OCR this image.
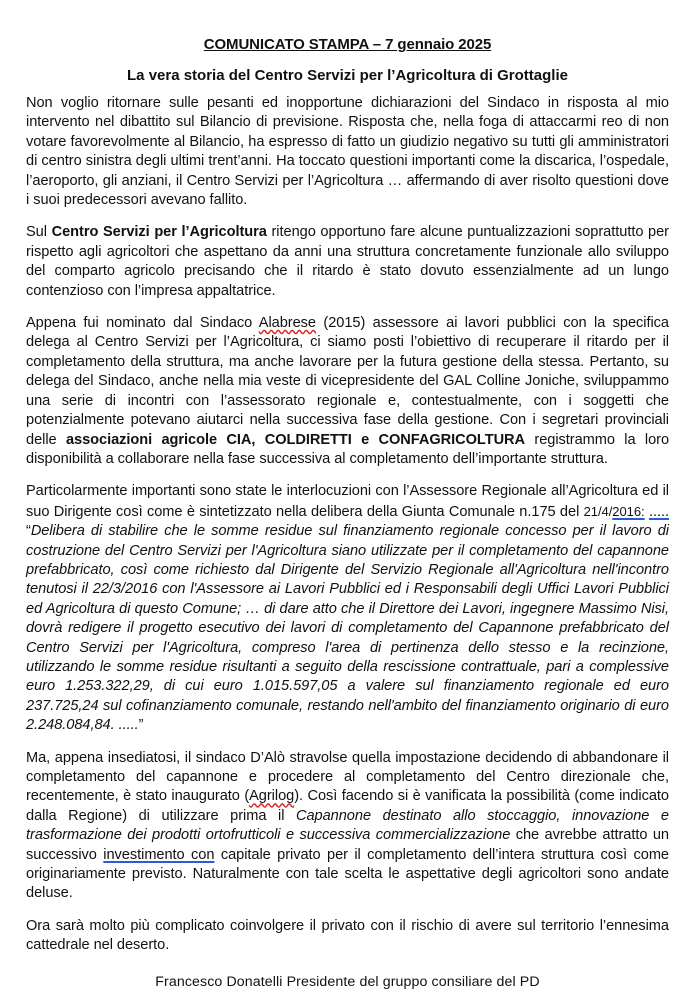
COMUNICATO STAMPA – 7 gennaio 2025
La vera storia del Centro Servizi per l’Agricoltura di Grottaglie

Non voglio ritornare sulle pesanti ed inopportune dichiarazioni del Sindaco in risposta al mio intervento nel dibattito sul Bilancio di previsione. Risposta che, nella foga di attaccarmi reo di non votare favorevolmente al Bilancio, ha espresso di fatto un giudizio negativo su tutti gli amministratori di centro sinistra degli ultimi trent’anni. Ha toccato questioni importanti come la discarica, l’ospedale, l’aeroporto, gli anziani, il Centro Servizi per l’Agricoltura … affermando di aver risolto questioni dove i suoi predecessori avevano fallito.

Sul Centro Servizi per l’Agricoltura ritengo opportuno fare alcune puntualizzazioni soprattutto per rispetto agli agricoltori che aspettano da anni una struttura concretamente funzionale allo sviluppo del comparto agricolo precisando che il ritardo è stato dovuto essenzialmente ad un lungo contenzioso con l’impresa appaltatrice.

Appena fui nominato dal Sindaco Alabrese (2015) assessore ai lavori pubblici con la specifica delega al Centro Servizi per l’Agricoltura, ci siamo posti l’obiettivo di recuperare il ritardo per il completamento della struttura, ma anche lavorare per la futura gestione della stessa. Pertanto, su delega del Sindaco, anche nella mia veste di vicepresidente del GAL Colline Joniche, sviluppammo una serie di incontri con l’assessorato regionale e, contestualmente, con i soggetti che potenzialmente potevano aiutarci nella successiva fase della gestione. Con i segretari provinciali delle associazioni agricole CIA, COLDIRETTI e CONFAGRICOLTURA registrammo la loro disponibilità a collaborare nella fase successiva al completamento dell’importante struttura.

Particolarmente importanti sono state le interlocuzioni con l’Assessore Regionale all’Agricoltura ed il suo Dirigente così come è sintetizzato nella delibera della Giunta Comunale n.175 del 21/4/2016: ..... “Delibera di stabilire che le somme residue sul finanziamento regionale concesso per il lavoro di costruzione del Centro Servizi per l'Agricoltura siano utilizzate per il completamento del capannone prefabbricato, così come richiesto dal Dirigente del Servizio Regionale all'Agricoltura nell'incontro tenutosi il 22/3/2016 con l'Assessore ai Lavori Pubblici ed i Responsabili degli Uffici Lavori Pubblici ed Agricoltura di questo Comune; … di dare atto che il Direttore dei Lavori, ingegnere Massimo Nisi, dovrà redigere il progetto esecutivo dei lavori di completamento del Capannone prefabbricato del Centro Servizi per l'Agricoltura, compreso l'area di pertinenza dello stesso e la recinzione, utilizzando le somme residue risultanti a seguito della rescissione contrattuale, pari a complessive euro 1.253.322,29, di cui euro 1.015.597,05 a valere sul finanziamento regionale ed euro 237.725,24 sul cofinanziamento comunale, restando nell'ambito del finanziamento originario di euro 2.248.084,84. .....”

Ma, appena insediatosi, il sindaco D’Alò stravolse quella impostazione decidendo di abbandonare il completamento del capannone e procedere al completamento del Centro direzionale che, recentemente, è stato inaugurato (Agrilog). Così facendo si è vanificata la possibilità (come indicato dalla Regione) di utilizzare prima il Capannone destinato allo stoccaggio, innovazione e trasformazione dei prodotti ortofrutticoli e successiva commercializzazione che avrebbe attratto un successivo investimento con capitale privato per il completamento dell’intera struttura così come originariamente previsto. Naturalmente con tale scelta le aspettative degli agricoltori sono andate deluse.

Ora sarà molto più complicato coinvolgere il privato con il rischio di avere sul territorio l’ennesima cattedrale nel deserto.

Francesco Donatelli Presidente del gruppo consiliare del PD
